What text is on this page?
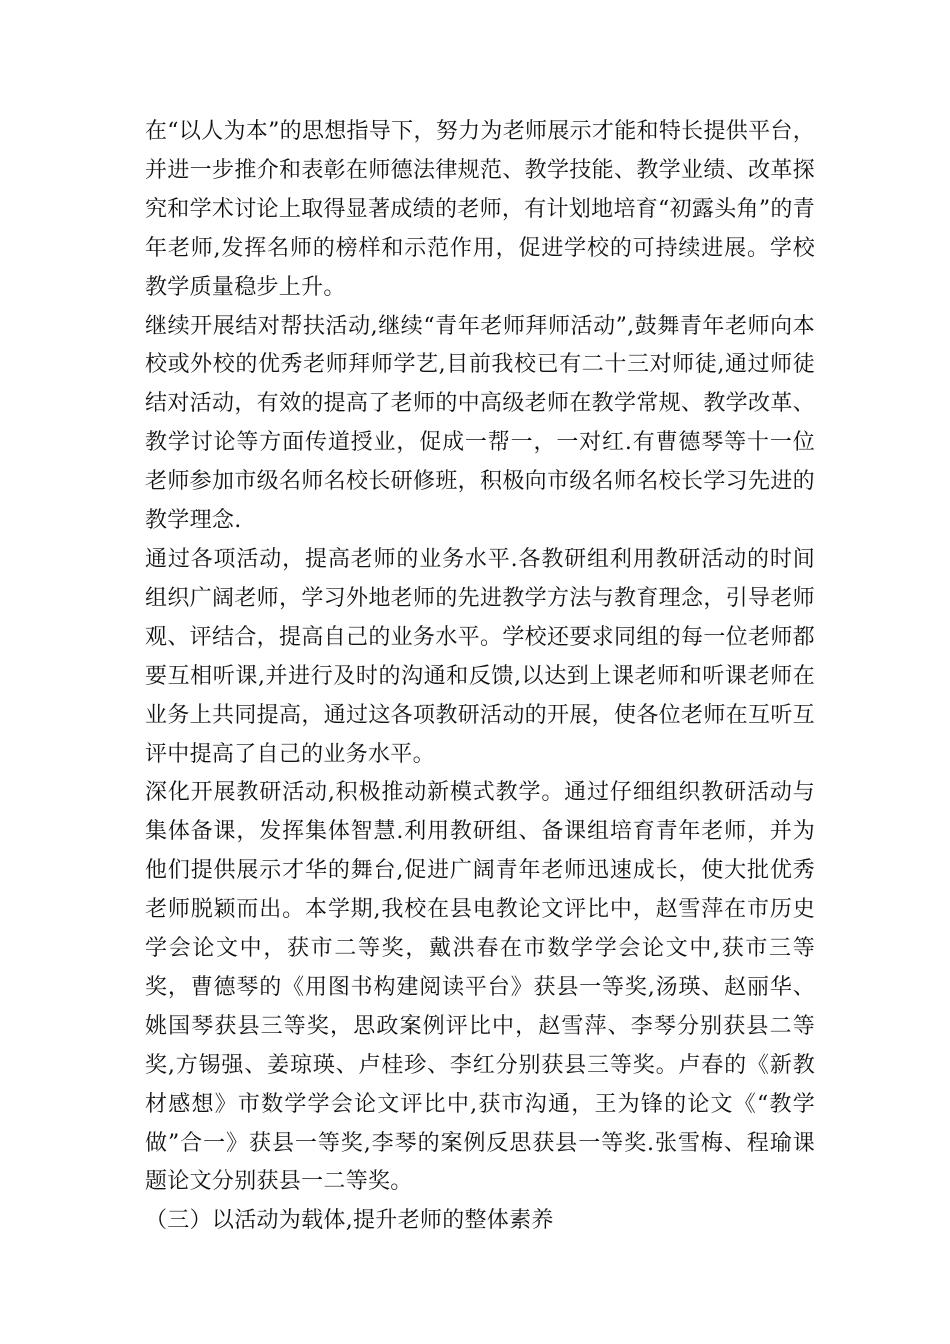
在“以人为本”的思想指导下，努力为老师展示才能和特长提供平台，并进一步推介和表彰在师德法律规范、教学技能、教学业绩、改革探究和学术讨论上取得显著成绩的老师，有计划地培育“初露头角”的青年老师,发挥名师的榜样和示范作用，促进学校的可持续进展。学校教学质量稳步上升。

继续开展结对帮扶活动,继续“青年老师拜师活动”,鼓舞青年老师向本校或外校的优秀老师拜师学艺,目前我校已有二十三对师徒,通过师徒结对活动，有效的提高了老师的中高级老师在教学常规、教学改革、教学讨论等方面传道授业，促成一帮一，一对红.有曹德琴等十一位老师参加市级名师名校长研修班，积极向市级名师名校长学习先进的教学理念.

通过各项活动，提高老师的业务水平.各教研组利用教研活动的时间组织广阔老师，学习外地老师的先进教学方法与教育理念，引导老师观、评结合，提高自己的业务水平。学校还要求同组的每一位老师都要互相听课,并进行及时的沟通和反馈,以达到上课老师和听课老师在业务上共同提高，通过这各项教研活动的开展，使各位老师在互听互评中提高了自己的业务水平。

深化开展教研活动,积极推动新模式教学。通过仔细组织教研活动与集体备课，发挥集体智慧.利用教研组、备课组培育青年老师，并为他们提供展示才华的舞台,促进广阔青年老师迅速成长，使大批优秀老师脱颖而出。本学期,我校在县电教论文评比中，赵雪萍在市历史学会论文中，获市二等奖，戴洪春在市数学学会论文中,获市三等奖，曹德琴的《用图书构建阅读平台》获县一等奖,汤瑛、赵丽华、姚国琴获县三等奖，思政案例评比中，赵雪萍、李琴分别获县二等奖,方锡强、姜琼瑛、卢桂珍、李红分别获县三等奖。卢春的《新教材感想》市数学学会论文评比中,获市沟通，王为锋的论文《“教学做”合一》获县一等奖,李琴的案例反思获县一等奖.张雪梅、程瑜课题论文分别获县一二等奖。

（三）以活动为载体,提升老师的整体素养
